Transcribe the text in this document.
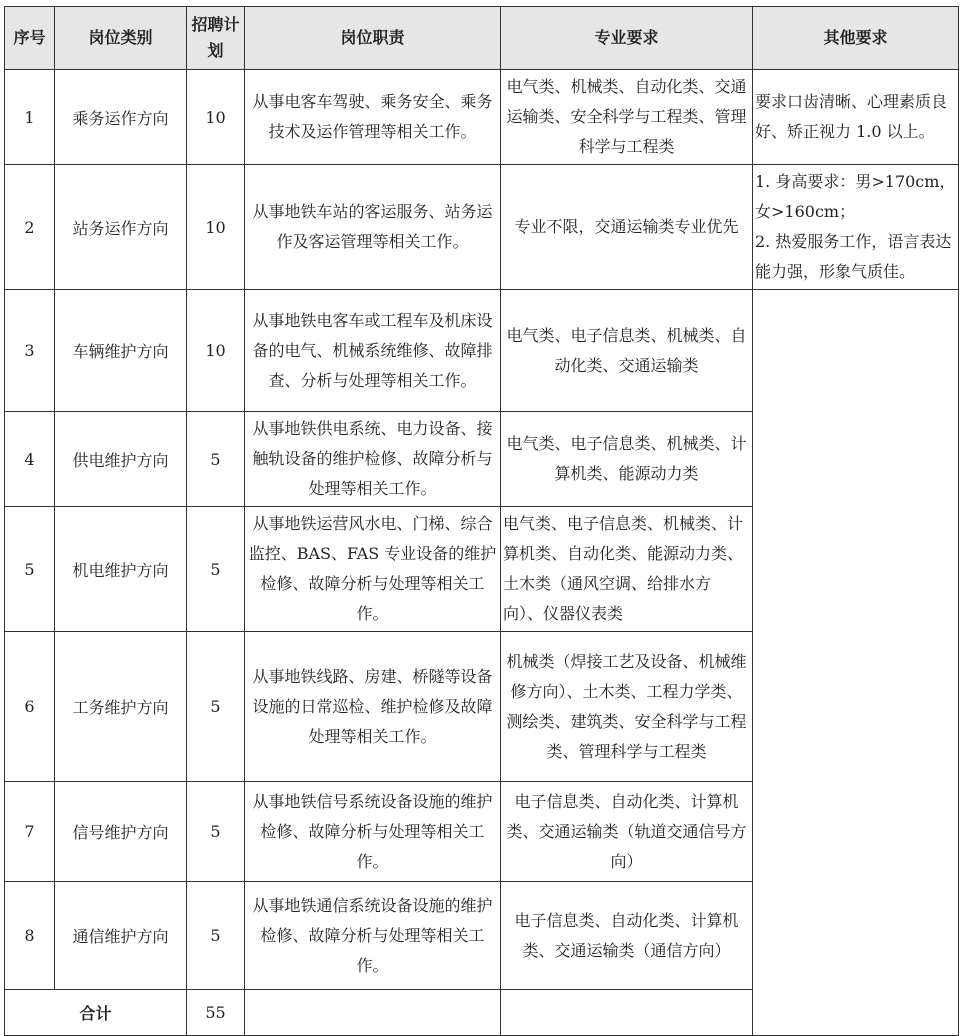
序号	岗位类别	招聘计划	岗位职责	专业要求	其他要求
1	乘务运作方向	10	从事电客车驾驶、乘务安全、乘务技术及运作管理等相关工作。	电气类、机械类、自动化类、交通运输类、安全科学与工程类、管理科学与工程类	要求口齿清晰、心理素质良好、矫正视力 1.0 以上。
2	站务运作方向	10	从事地铁车站的客运服务、站务运作及客运管理等相关工作。	专业不限，交通运输类专业优先	1. 身高要求：男>170cm，女>160cm；
2. 热爱服务工作，语言表达能力强，形象气质佳。

3	车辆维护方向	10	从事地铁电客车或工程车及机床设备的电气、机械系统维修、故障排查、分析与处理等相关工作。	电气类、电子信息类、机械类、自动化类、交通运输类	
4	供电维护方向	5	从事地铁供电系统、电力设备、接触轨设备的维护检修、故障分析与处理等相关工作。	电气类、电子信息类、机械类、计算机类、能源动力类	
5	机电维护方向	5	从事地铁运营风水电、门梯、综合监控、BAS、FAS 专业设备的维护检修、故障分析与处理等相关工作。	电气类、电子信息类、机械类、计算机类、自动化类、能源动力类、土木类（通风空调、给排水方向）、仪器仪表类	
6	工务维护方向	5	从事地铁线路、房建、桥隧等设备设施的日常巡检、维护检修及故障处理等相关工作。	机械类（焊接工艺及设备、机械维修方向）、土木类、工程力学类、测绘类、建筑类、安全科学与工程类、管理科学与工程类	
7	信号维护方向	5	从事地铁信号系统设备设施的维护检修、故障分析与处理等相关工作。	电子信息类、自动化类、计算机类、交通运输类（轨道交通信号方向）	
8	通信维护方向	5	从事地铁通信系统设备设施的维护检修、故障分析与处理等相关工作。	电子信息类、自动化类、计算机类、交通运输类（通信方向）	
合计		55			
